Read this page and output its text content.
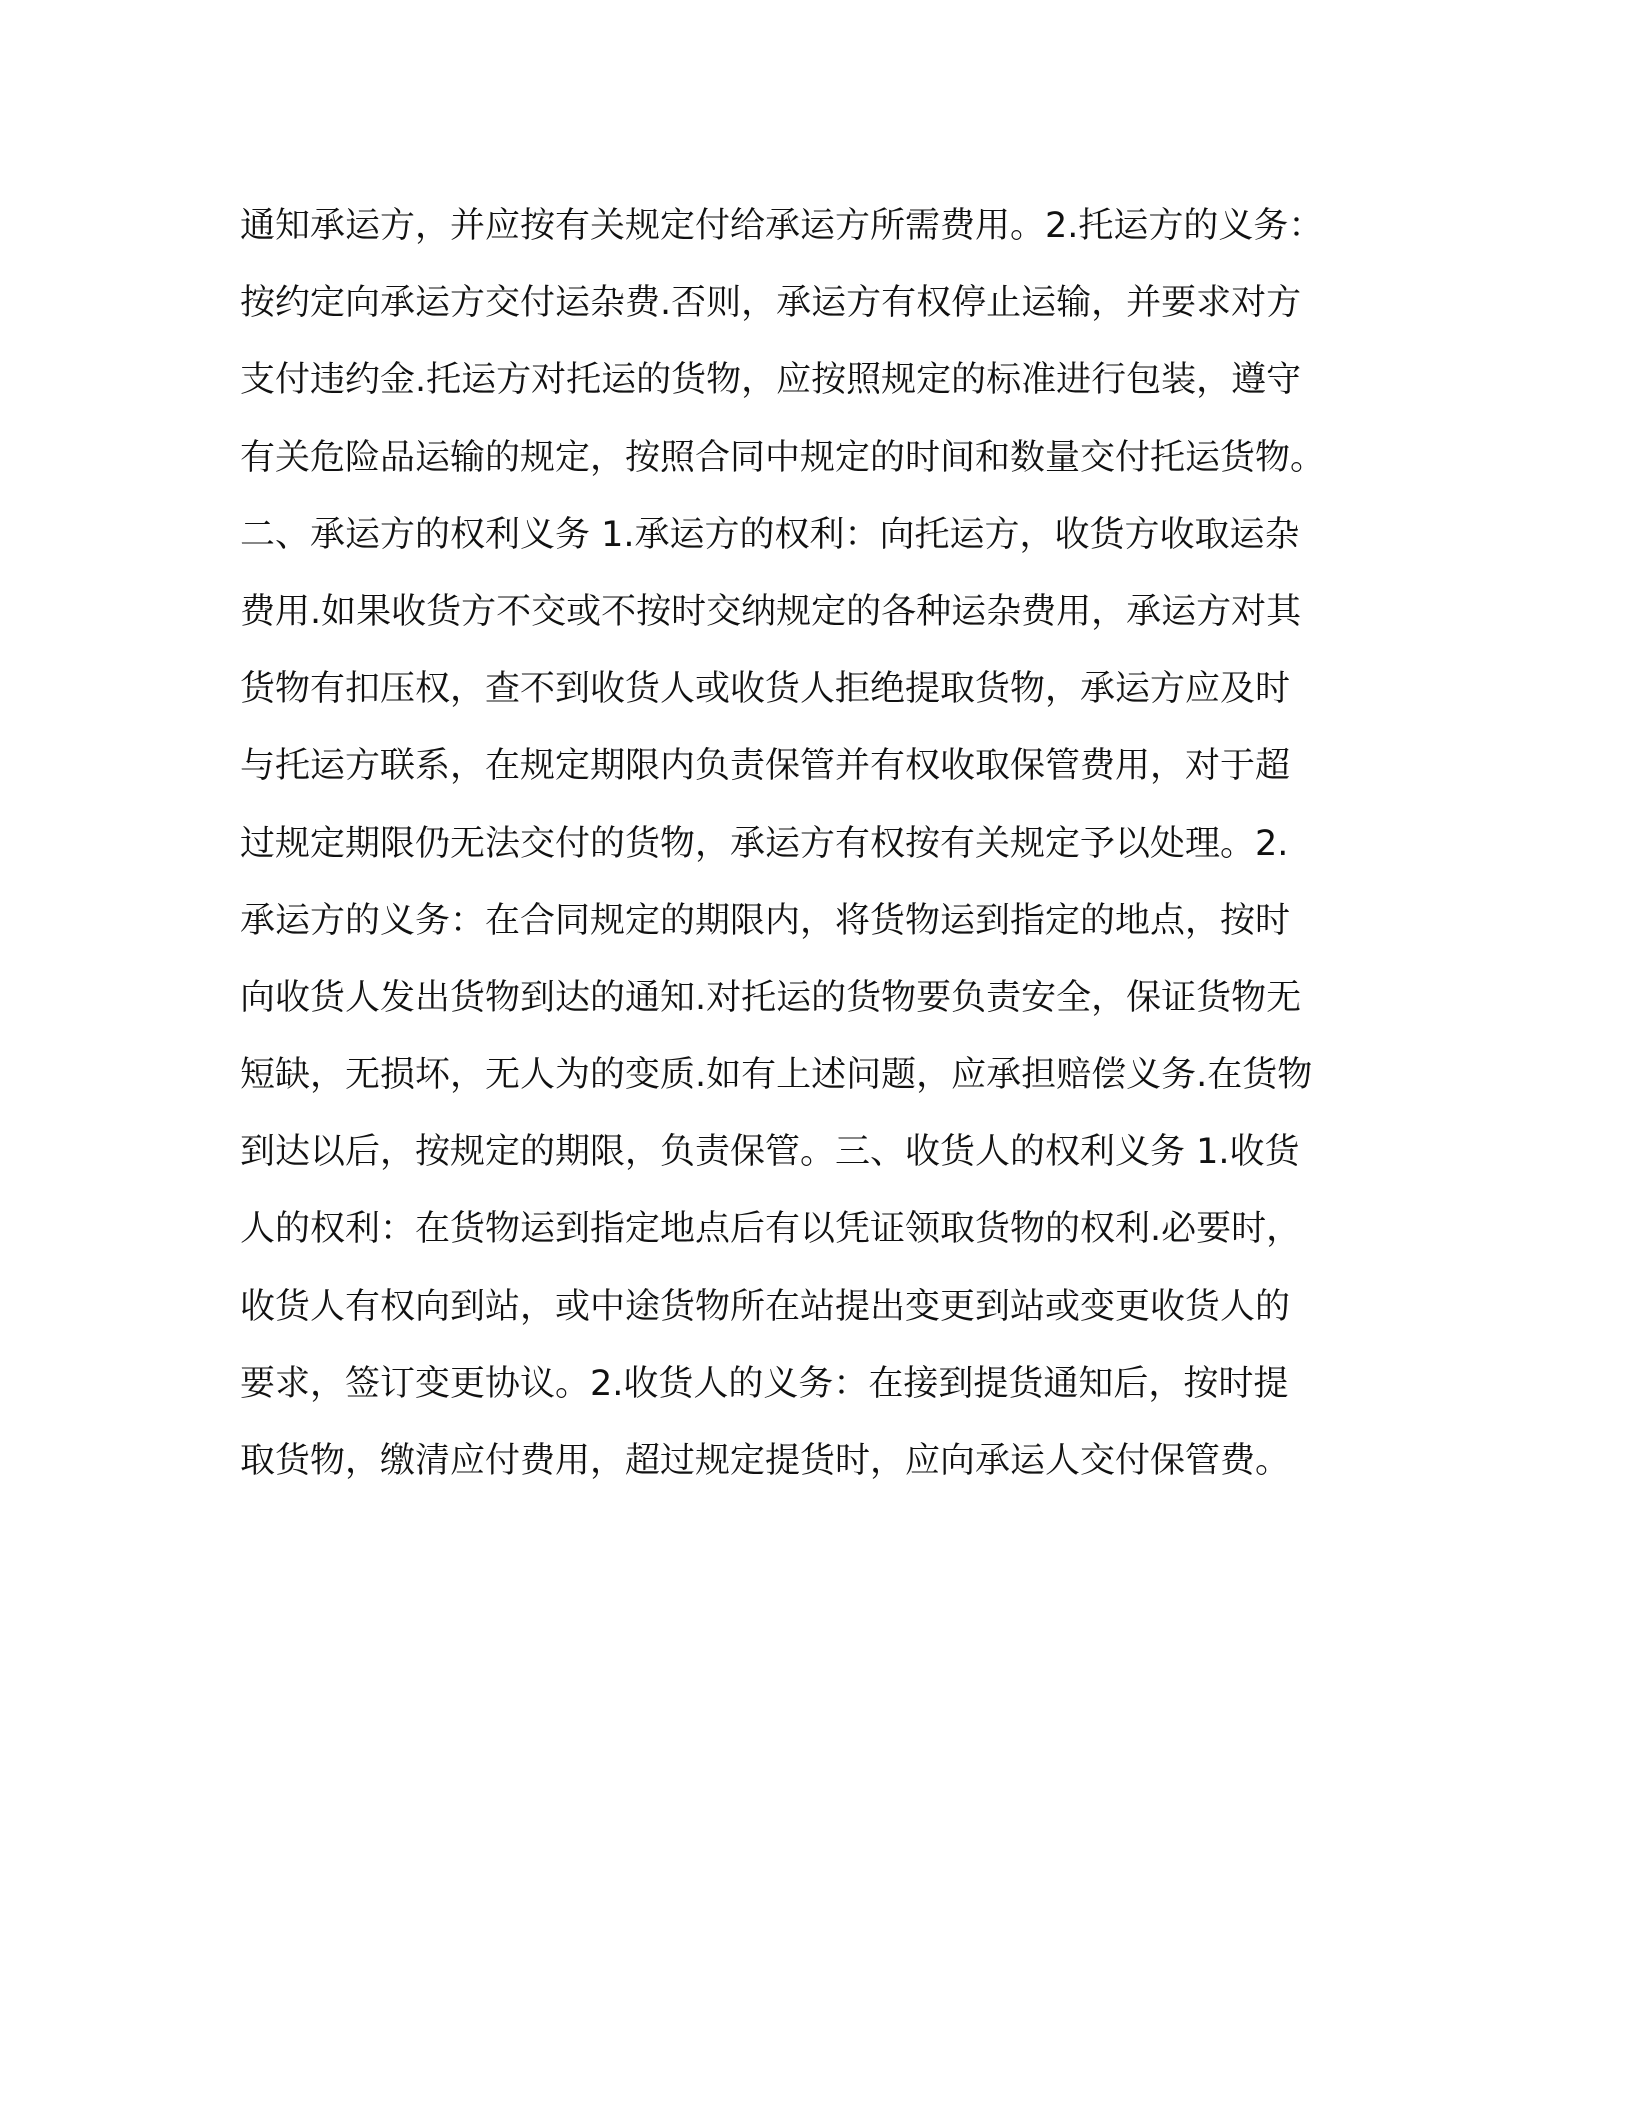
通知承运方，并应按有关规定付给承运方所需费用。2.托运方的义务：
按约定向承运方交付运杂费.否则，承运方有权停止运输，并要求对方
支付违约金.托运方对托运的货物，应按照规定的标准进行包装，遵守
有关危险品运输的规定，按照合同中规定的时间和数量交付托运货物。
二、承运方的权利义务 1.承运方的权利：向托运方，收货方收取运杂
费用.如果收货方不交或不按时交纳规定的各种运杂费用，承运方对其
货物有扣压权，查不到收货人或收货人拒绝提取货物，承运方应及时
与托运方联系，在规定期限内负责保管并有权收取保管费用，对于超
过规定期限仍无法交付的货物，承运方有权按有关规定予以处理。2.
承运方的义务：在合同规定的期限内，将货物运到指定的地点，按时
向收货人发出货物到达的通知.对托运的货物要负责安全，保证货物无
短缺，无损坏，无人为的变质.如有上述问题，应承担赔偿义务.在货物
到达以后，按规定的期限，负责保管。三、收货人的权利义务 1.收货
人的权利：在货物运到指定地点后有以凭证领取货物的权利.必要时，
收货人有权向到站，或中途货物所在站提出变更到站或变更收货人的
要求，签订变更协议。2.收货人的义务：在接到提货通知后，按时提
取货物，缴清应付费用，超过规定提货时，应向承运人交付保管费。
